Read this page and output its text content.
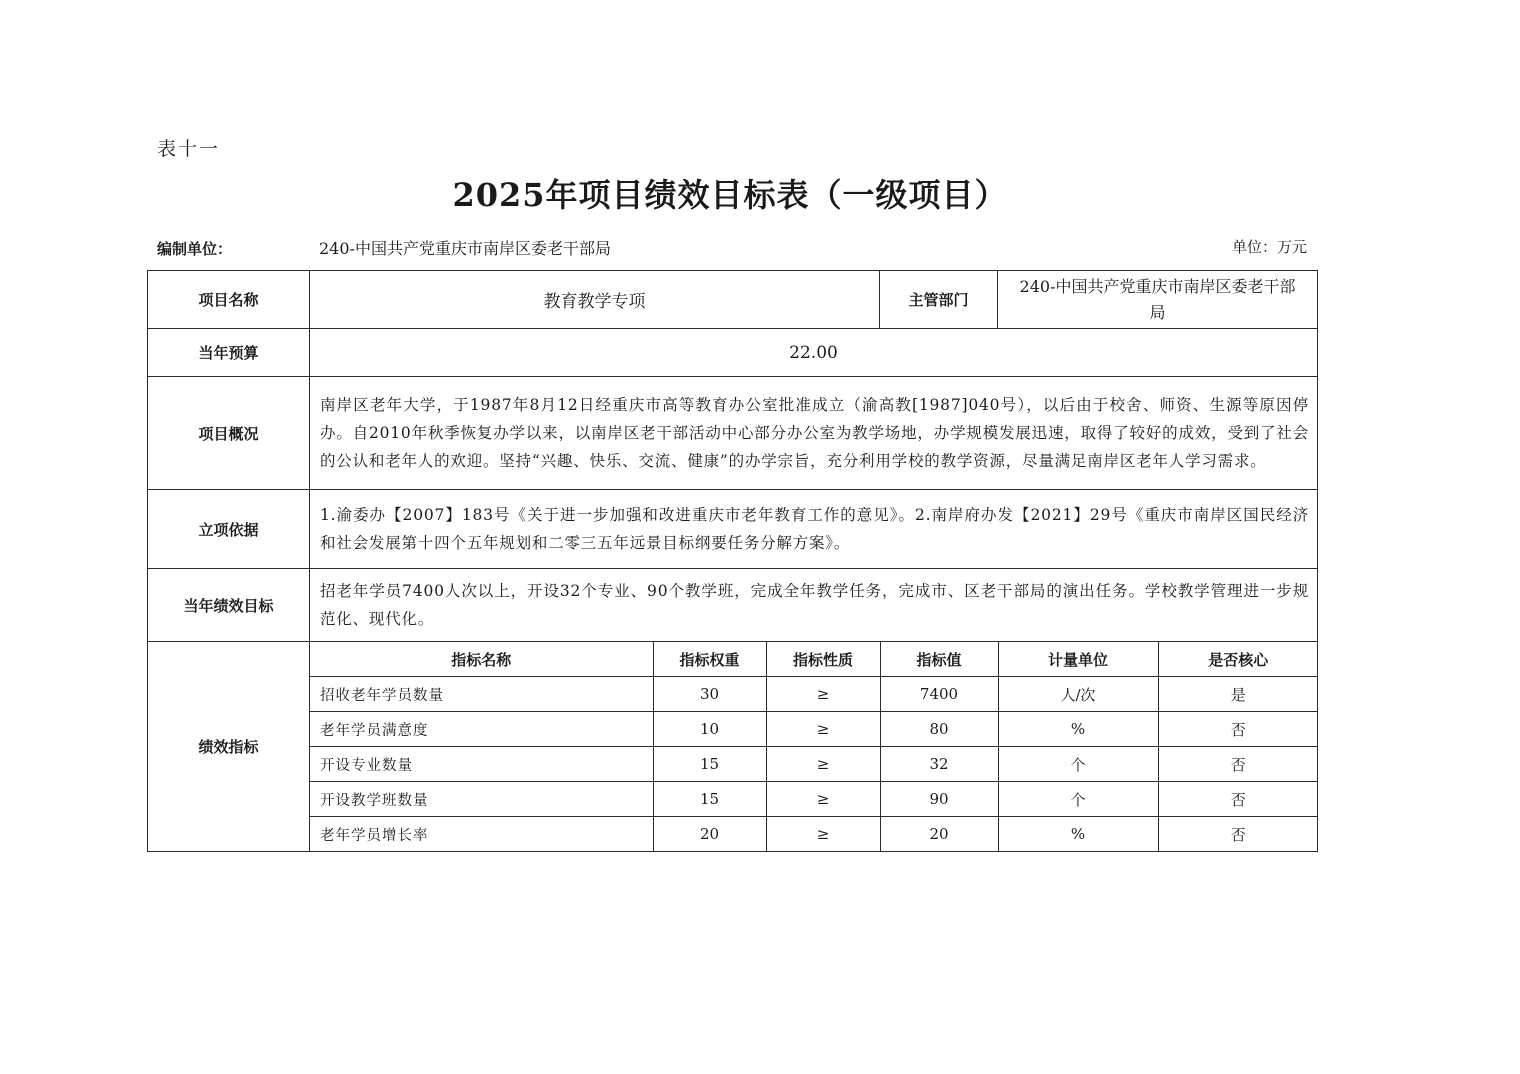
表十一
2025年项目绩效目标表（一级项目）
编制单位：	240-中国共产党重庆市南岸区委老干部局	单位：万元
项目名称	教育教学专项	主管部门	240-中国共产党重庆市南岸区委老干部局
当年预算	22.00
项目概况	南岸区老年大学，于1987年8月12日经重庆市高等教育办公室批准成立（渝高教[1987]040号），以后由于校舍、师资、生源等原因停办。自2010年秋季恢复办学以来，以南岸区老干部活动中心部分办公室为教学场地，办学规模发展迅速，取得了较好的成效，受到了社会的公认和老年人的欢迎。坚持“兴趣、快乐、交流、健康”的办学宗旨，充分利用学校的教学资源，尽量满足南岸区老年人学习需求。
立项依据	1.渝委办【2007】183号《关于进一步加强和改进重庆市老年教育工作的意见》。2.南岸府办发【2021】29号《重庆市南岸区国民经济和社会发展第十四个五年规划和二零三五年远景目标纲要任务分解方案》。
当年绩效目标	招老年学员7400人次以上，开设32个专业、90个教学班，完成全年教学任务，完成市、区老干部局的演出任务。学校教学管理进一步规范化、现代化。
绩效指标	
指标名称	指标权重	指标性质	指标值	计量单位	是否核心
招收老年学员数量	30	≥	7400	人/次	是
老年学员满意度	10	≥	80	%	否
开设专业数量	15	≥	32	个	否
开设教学班数量	15	≥	90	个	否
老年学员增长率	20	≥	20	%	否
